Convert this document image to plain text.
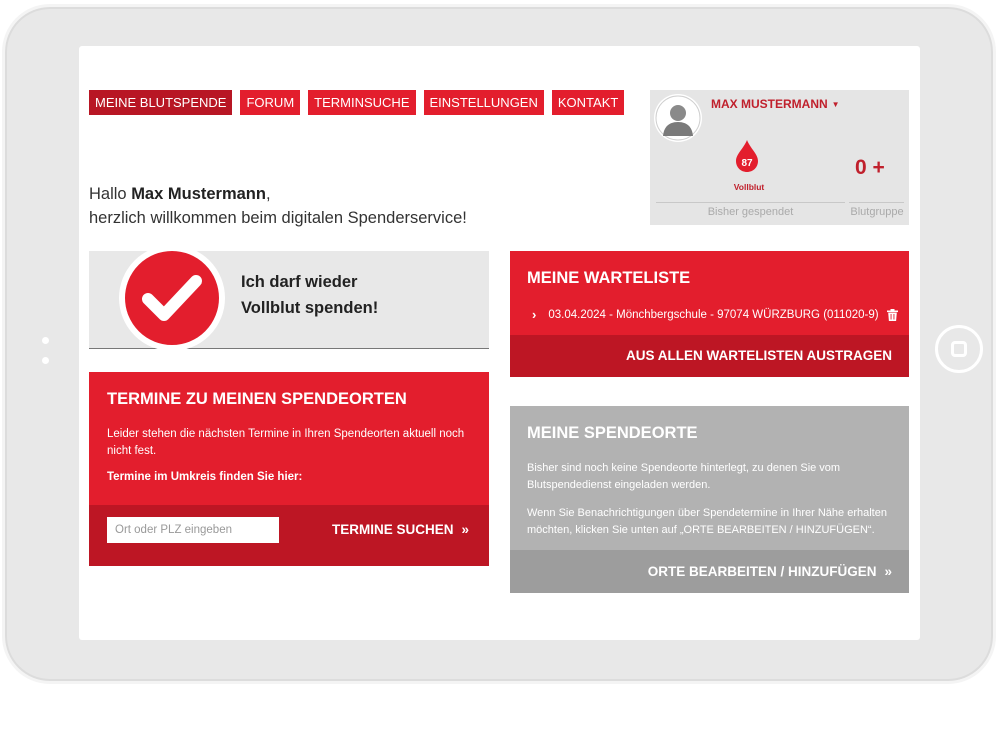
MEINE BLUTSPENDE	FORUM	TERMINSUCHE	EINSTELLUNGEN	KONTAKT
Hallo Max Mustermann,
herzlich willkommen beim digitalen Spenderservice!
MAX MUSTERMANN ▼
87
Vollblut
0 +
Bisher gespendet	Blutgruppe
Ich darf wieder
Vollblut spenden!
TERMINE ZU MEINEN SPENDEORTEN
Leider stehen die nächsten Termine in Ihren Spendeorten aktuell noch nicht fest.
Termine im Umkreis finden Sie hier:
Ort oder PLZ eingeben
TERMINE SUCHEN »
MEINE WARTELISTE
› 03.04.2024 - Mönchbergschule - 97074 WÜRZBURG (011020-9)
AUS ALLEN WARTELISTEN AUSTRAGEN
MEINE SPENDEORTE
Bisher sind noch keine Spendeorte hinterlegt, zu denen Sie vom Blutspendedienst eingeladen werden.
Wenn Sie Benachrichtigungen über Spendetermine in Ihrer Nähe erhalten möchten, klicken Sie unten auf „ORTE BEARBEITEN / HINZUFÜGEN“.
ORTE BEARBEITEN / HINZUFÜGEN »
